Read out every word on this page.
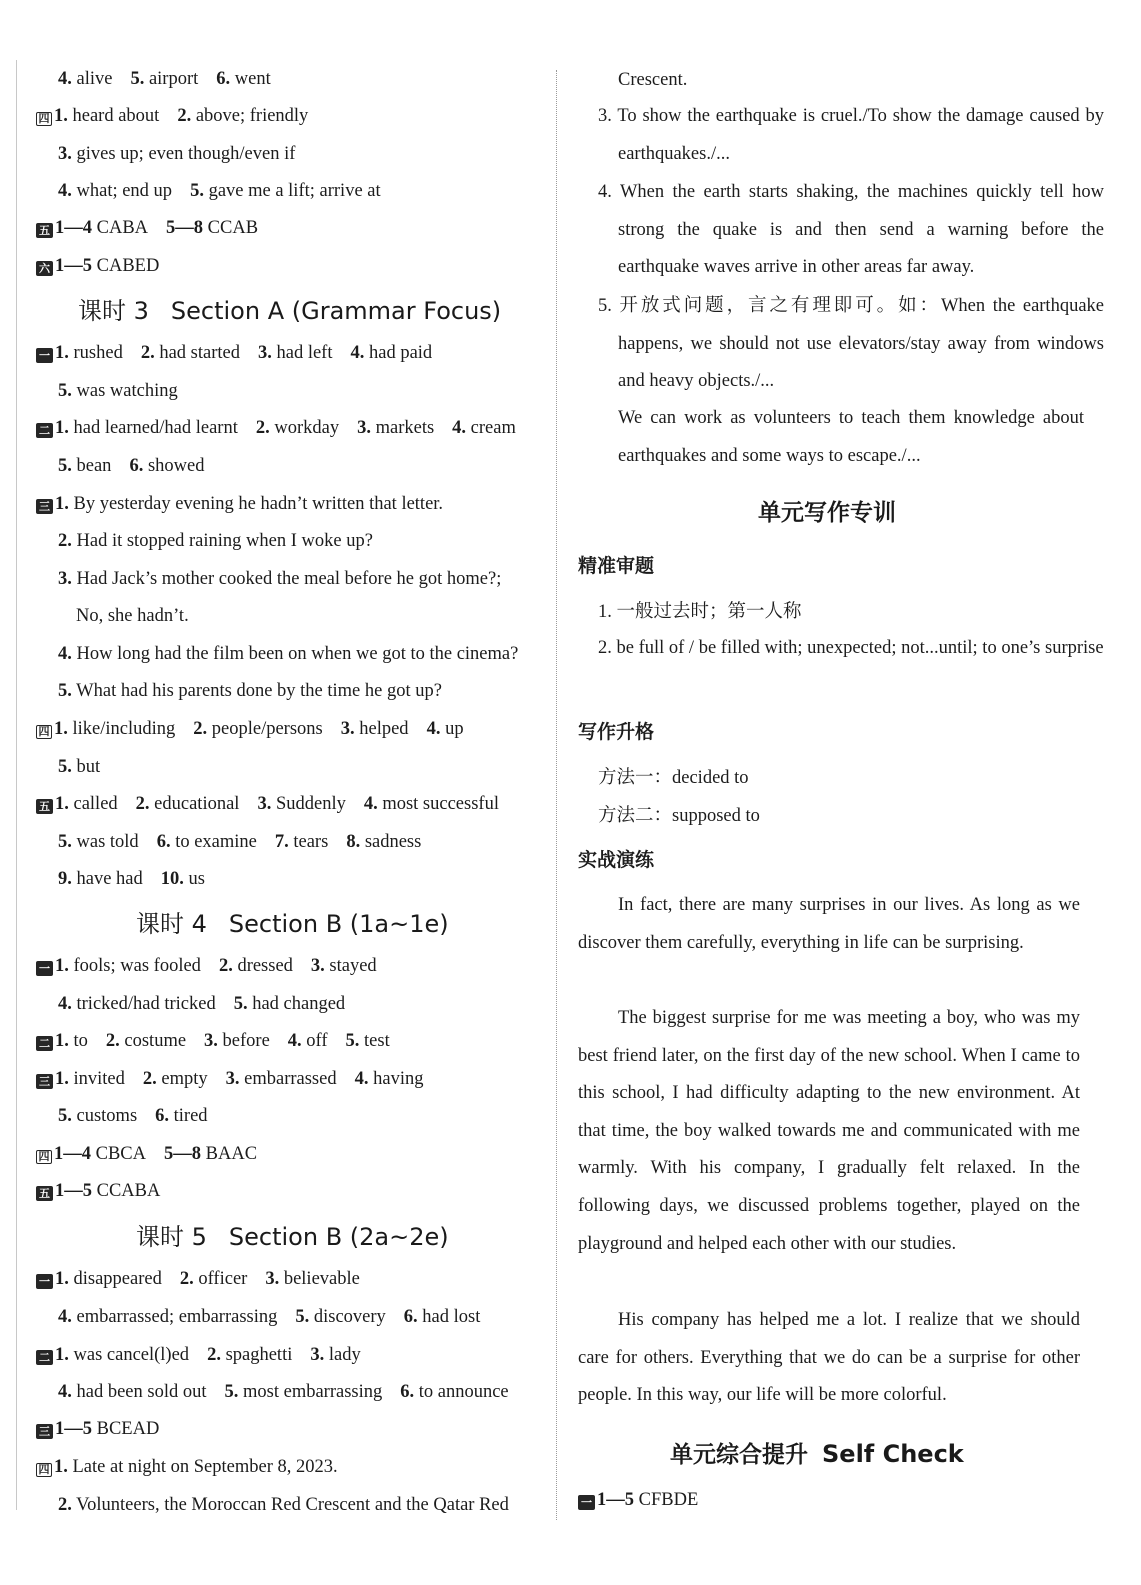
4. alive 5. airport 6. went
四 1. heard about 2. above; friendly
3. gives up; even though/even if
4. what; end up 5. gave me a lift; arrive at
五 1—4 CABA 5—8 CCAB
六 1—5 CABED
课时 3 Section A (Grammar Focus)
一 1. rushed 2. had started 3. had left 4. had paid
5. was watching
二 1. had learned/had learnt 2. workday 3. markets 4. cream
5. bean 6. showed
三 1. By yesterday evening he hadn’t written that letter.
2. Had it stopped raining when I woke up?
3. Had Jack’s mother cooked the meal before he got home?;
No, she hadn’t.
4. How long had the film been on when we got to the cinema?
5. What had his parents done by the time he got up?
四 1. like/including 2. people/persons 3. helped 4. up
5. but
五 1. called 2. educational 3. Suddenly 4. most successful
5. was told 6. to examine 7. tears 8. sadness
9. have had 10. us
课时 4 Section B (1a~1e)
一 1. fools; was fooled 2. dressed 3. stayed
4. tricked/had tricked 5. had changed
二 1. to 2. costume 3. before 4. off 5. test
三 1. invited 2. empty 3. embarrassed 4. having
5. customs 6. tired
四 1—4 CBCA 5—8 BAAC
五 1—5 CCABA
课时 5 Section B (2a~2e)
一 1. disappeared 2. officer 3. believable
4. embarrassed; embarrassing 5. discovery 6. had lost
二 1. was cancel(l)ed 2. spaghetti 3. lady
4. had been sold out 5. most embarrassing 6. to announce
三 1—5 BCEAD
四 1. Late at night on September 8, 2023.
2. Volunteers, the Moroccan Red Crescent and the Qatar Red
Crescent.

3. To show the earthquake is cruel./To show the damage caused by earthquakes./...

4. When the earth starts shaking, the machines quickly tell how strong the quake is and then send a warning before the earthquake waves arrive in other areas far away.

5. 开放式问题，言之有理即可。如：When the earthquake happens, we should not use elevators/stay away from windows and heavy objects./...

We can work as volunteers to teach them knowledge about earthquakes and some ways to escape./...

单元写作专训
精准审题
1. 一般过去时；第一人称

2. be full of / be filled with; unexpected; not...until; to one’s surprise

写作升格
方法一：decided to
方法二：supposed to
实战演练

In fact, there are many surprises in our lives. As long as we discover them carefully, everything in life can be surprising.

The biggest surprise for me was meeting a boy, who was my best friend later, on the first day of the new school. When I came to this school, I had difficulty adapting to the new environment. At that time, the boy walked towards me and communicated with me warmly. With his company, I gradually felt relaxed. In the following days, we discussed problems together, played on the playground and helped each other with our studies.

His company has helped me a lot. I realize that we should care for others. Everything that we do can be a surprise for other people. In this way, our life will be more colorful.

单元综合提升 Self Check
一 1—5 CFBDE
